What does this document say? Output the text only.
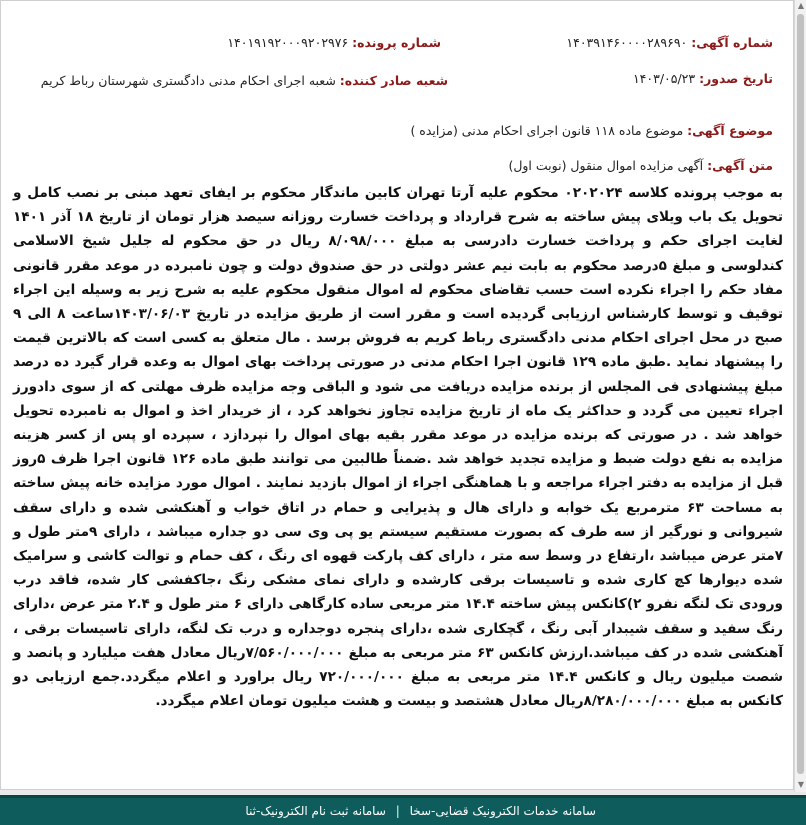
شماره آگهی: ۱۴۰۳۹۱۴۶۰۰۰۰۲۸۹۶۹۰
شماره پرونده: ۱۴۰۱۹۱۹۲۰۰۰۹۲۰۲۹۷۶
تاریخ صدور: ۱۴۰۳/۰۵/۲۳
شعبه صادر کننده: شعبه اجرای احکام مدنی دادگستری شهرستان رباط کریم
موضوع آگهی: موضوع ماده ۱۱۸ قانون اجرای احکام مدنی (مزایده )
متن آگهی: آگهی مزایده اموال منقول (نوبت اول)
به موجب پرونده کلاسه ۰۲۰۲۰۲۴ محکوم علیه آرتا تهران کابین ماندگار محکوم بر ایفای تعهد مبنی بر نصب کامل و تحویل یک باب ویلای پیش ساخته به شرح قرارداد و پرداخت خسارت روزانه سیصد هزار تومان از تاریخ ۱۸ آذر ۱۴۰۱ لغایت اجرای حکم و پرداخت خسارت دادرسی به مبلغ ۸/۰۹۸/۰۰۰ ریال در حق محکوم له جلیل شیخ الاسلامی کندلوسی و مبلغ ۵درصد محکوم به بابت نیم عشر دولتی در حق صندوق دولت و چون نامبرده در موعد مقرر قانونی مفاد حکم را اجراء نکرده است حسب تقاضای محکوم له اموال منقول محکوم علیه به شرح زیر به وسیله این اجراء توقیف و توسط کارشناس ارزیابی گردیده است و مقرر است از طریق مزایده در تاریخ ۱۴۰۳/۰۶/۰۳ساعت ۸ الی ۹ صبح در محل اجرای احکام مدنی دادگستری رباط کریم به فروش برسد . مال متعلق به کسی است که بالاترین قیمت را پیشنهاد نماید .طبق ماده ۱۲۹ قانون اجرا احکام مدنی در صورتی پرداخت بهای اموال به وعده قرار گیرد ده درصد مبلغ پیشنهادی فی المجلس از برنده مزایده دریافت می شود و الباقی وجه مزایده ظرف مهلتی که از سوی دادورز اجراء تعیین می گردد و حداکثر یک ماه از تاریخ مزایده تجاوز نخواهد کرد ، از خریدار اخذ و اموال به نامبرده تحویل خواهد شد . در صورتی که برنده مزایده در موعد مقرر بقیه بهای اموال را نپردازد ، سپرده او پس از کسر هزینه مزایده به نفع دولت ضبط و مزایده تجدید خواهد شد .ضمناً طالبین می توانند طبق ماده ۱۲۶ قانون اجرا ظرف ۵روز قبل از مزایده به دفتر اجراء مراجعه و با هماهنگی اجراء از اموال بازدید نمایند . اموال مورد مزایده خانه پیش ساخته به مساحت ۶۳ مترمربع یک خوابه و دارای هال و پذیرایی و حمام در اتاق خواب و آهنکشی شده و دارای سقف شیروانی و نورگیر از سه طرف که بصورت مستقیم سیستم یو پی وی سی دو جداره میباشد ، دارای ۹متر طول و ۷متر عرض میباشد ،ارتفاع در وسط سه متر ، دارای کف پارکت قهوه ای رنگ ، کف حمام و توالت کاشی و سرامیک شده دیوارها کچ کاری شده و تاسیسات برقی کارشده و دارای نمای مشکی رنگ ،جاکفشی کار شده، فاقد درب ورودی تک لنگه نفرو ۲)کانکس پیش ساخته ۱۴.۴ متر مربعی ساده کارگاهی دارای ۶ متر طول و ۲.۴ متر عرض ،دارای رنگ سفید و سقف شیبدار آبی رنگ ، گچکاری شده ،دارای پنجره دوجداره و درب تک لنگه، دارای تاسیسات برقی ، آهنکشی شده در کف میباشد.ارزش کانکس ۶۳ متر مربعی به مبلغ ۷/۵۶۰/۰۰۰/۰۰۰ریال معادل هفت میلیارد و پانصد و شصت میلیون ریال و کانکس ۱۴.۴ متر مربعی به مبلغ ۷۲۰/۰۰۰/۰۰۰ ریال براورد و اعلام میگردد.جمع ارزیابی دو کانکس به مبلغ ۸/۲۸۰/۰۰۰/۰۰۰ریال معادل هشتصد و بیست و هشت میلیون تومان اعلام میگردد.
▲
▼
سامانه خدمات الکترونیک قضایی-سخا | سامانه ثبت نام الکترونیک-ثنا
